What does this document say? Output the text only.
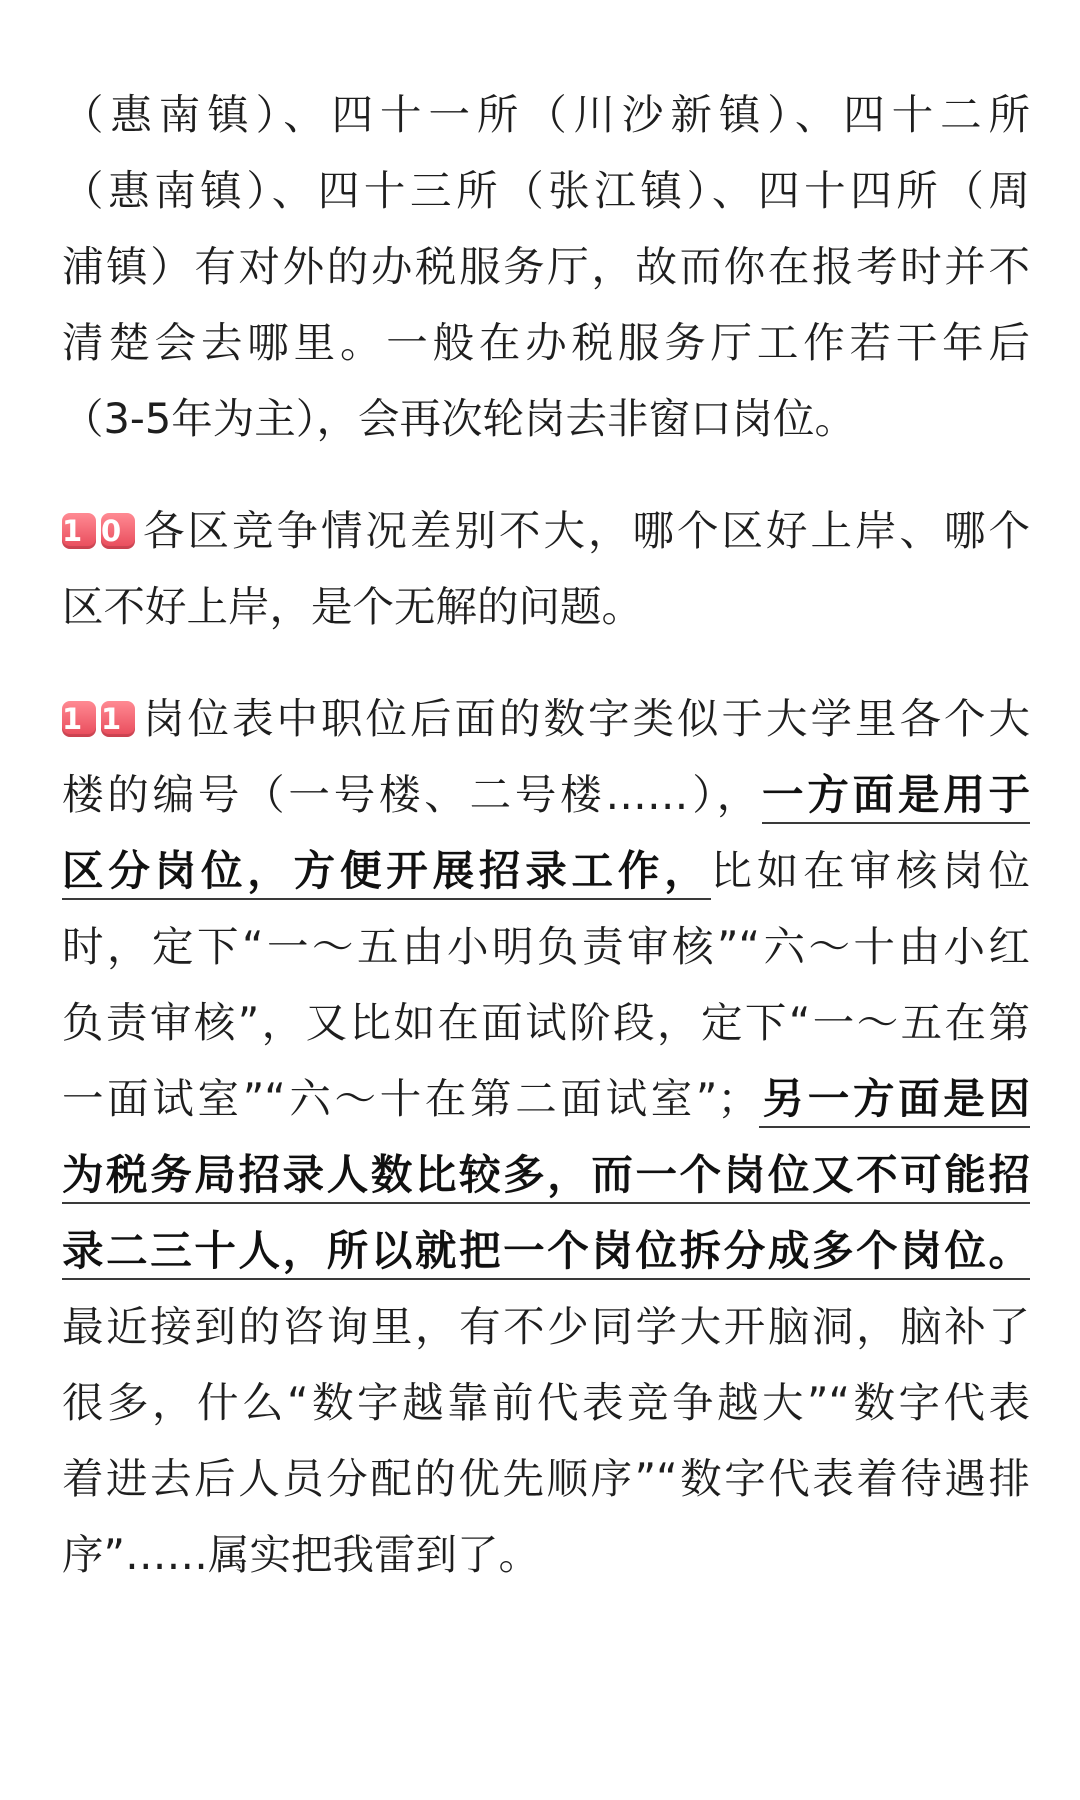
（惠南镇）、四十一所（川沙新镇）、四十二所
（惠南镇）、四十三所（张江镇）、四十四所（周
浦镇）有对外的办税服务厅，故而你在报考时并不
清楚会去哪里。一般在办税服务厅工作若干年后
（3-5年为主），会再次轮岗去非窗口岗位。
1 0 各区竞争情况差别不大，哪个区好上岸、哪个
区不好上岸，是个无解的问题。
1 1 岗位表中职位后面的数字类似于大学里各个大
楼的编号（一号楼、二号楼……），一方面是用于
区分岗位，方便开展招录工作，比如在审核岗位
时，定下“一～五由小明负责审核”“六～十由小红
负责审核”，又比如在面试阶段，定下“一～五在第
一面试室”“六～十在第二面试室”；另一方面是因
为税务局招录人数比较多，而一个岗位又不可能招
录二三十人，所以就把一个岗位拆分成多个岗位。
最近接到的咨询里，有不少同学大开脑洞，脑补了
很多，什么“数字越靠前代表竞争越大”“数字代表
着进去后人员分配的优先顺序”“数字代表着待遇排
序”……属实把我雷到了。
